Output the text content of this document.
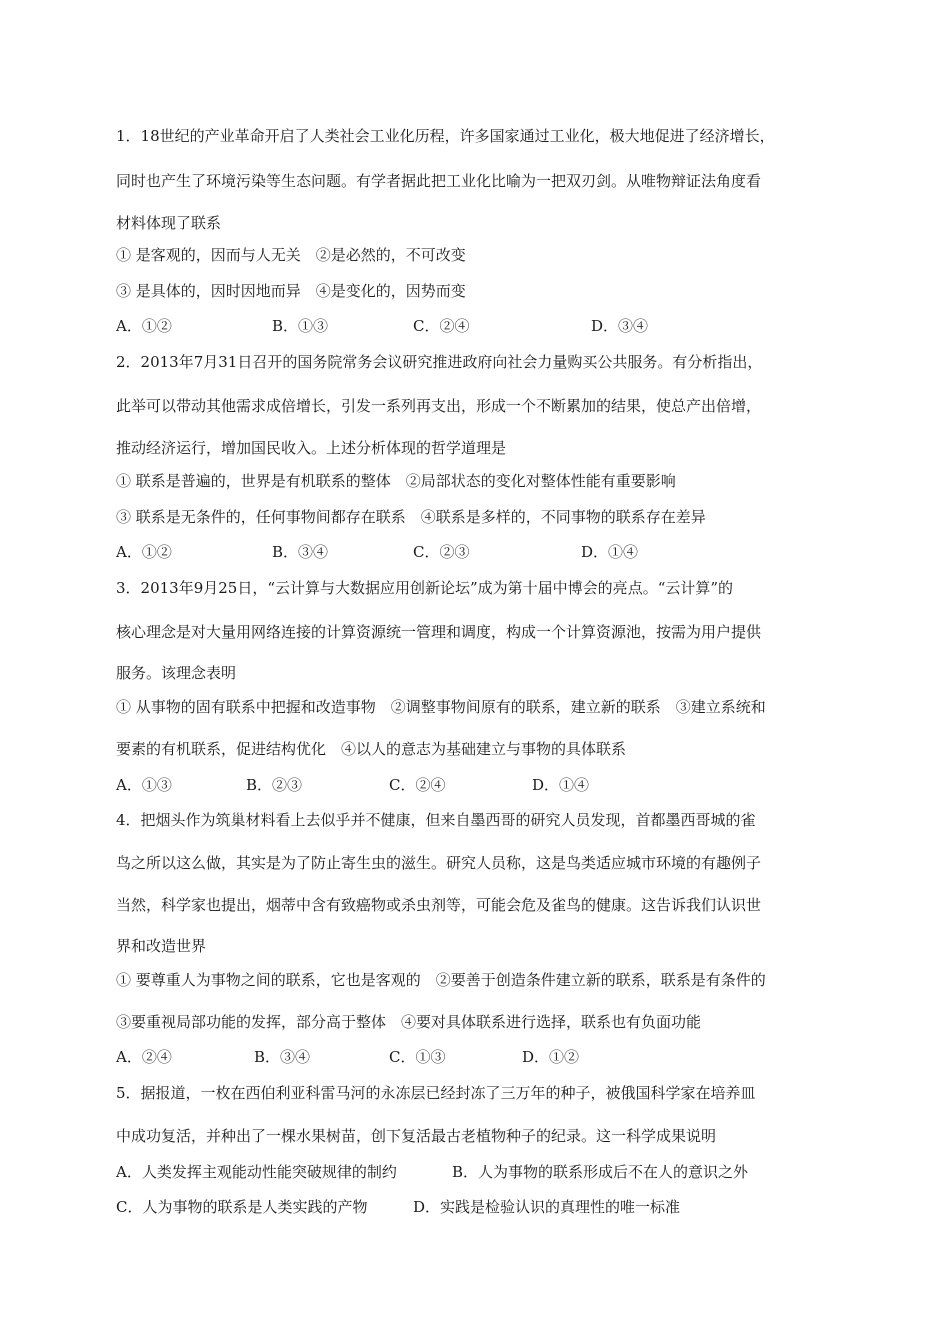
1．18世纪的产业革命开启了人类社会工业化历程，许多国家通过工业化，极大地促进了经济增长，
同时也产生了环境污染等生态问题。有学者据此把工业化比喻为一把双刃剑。从唯物辩证法角度看
材料体现了联系
① 是客观的，因而与人无关　②是必然的，不可改变
③ 是具体的，因时因地而异　④是变化的，因势而变
A．①②	B．①③	C．②④	D．③④
2．2013年7月31日召开的国务院常务会议研究推进政府向社会力量购买公共服务。有分析指出，
此举可以带动其他需求成倍增长，引发一系列再支出，形成一个不断累加的结果，使总产出倍增，
推动经济运行，增加国民收入。上述分析体现的哲学道理是
① 联系是普遍的，世界是有机联系的整体　②局部状态的变化对整体性能有重要影响
③ 联系是无条件的，任何事物间都存在联系　④联系是多样的，不同事物的联系存在差异
A．①②	B．③④	C．②③	D．①④
3．2013年9月25日，“云计算与大数据应用创新论坛”成为第十届中博会的亮点。“云计算”的
核心理念是对大量用网络连接的计算资源统一管理和调度，构成一个计算资源池，按需为用户提供
服务。该理念表明
① 从事物的固有联系中把握和改造事物　②调整事物间原有的联系，建立新的联系　③建立系统和
要素的有机联系，促进结构优化　④以人的意志为基础建立与事物的具体联系
A．①③	B．②③	C．②④	D．①④
4．把烟头作为筑巢材料看上去似乎并不健康，但来自墨西哥的研究人员发现，首都墨西哥城的雀
鸟之所以这么做，其实是为了防止寄生虫的滋生。研究人员称，这是鸟类适应城市环境的有趣例子
当然，科学家也提出，烟蒂中含有致癌物或杀虫剂等，可能会危及雀鸟的健康。这告诉我们认识世
界和改造世界
① 要尊重人为事物之间的联系，它也是客观的　②要善于创造条件建立新的联系，联系是有条件的
③要重视局部功能的发挥，部分高于整体　④要对具体联系进行选择，联系也有负面功能
A．②④	B．③④	C．①③	D．①②
5．据报道，一枚在西伯利亚科雷马河的永冻层已经封冻了三万年的种子，被俄国科学家在培养皿
中成功复活，并种出了一棵水果树苗，创下复活最古老植物种子的纪录。这一科学成果说明
A．人类发挥主观能动性能突破规律的制约	B．人为事物的联系形成后不在人的意识之外
C．人为事物的联系是人类实践的产物	D．实践是检验认识的真理性的唯一标准
